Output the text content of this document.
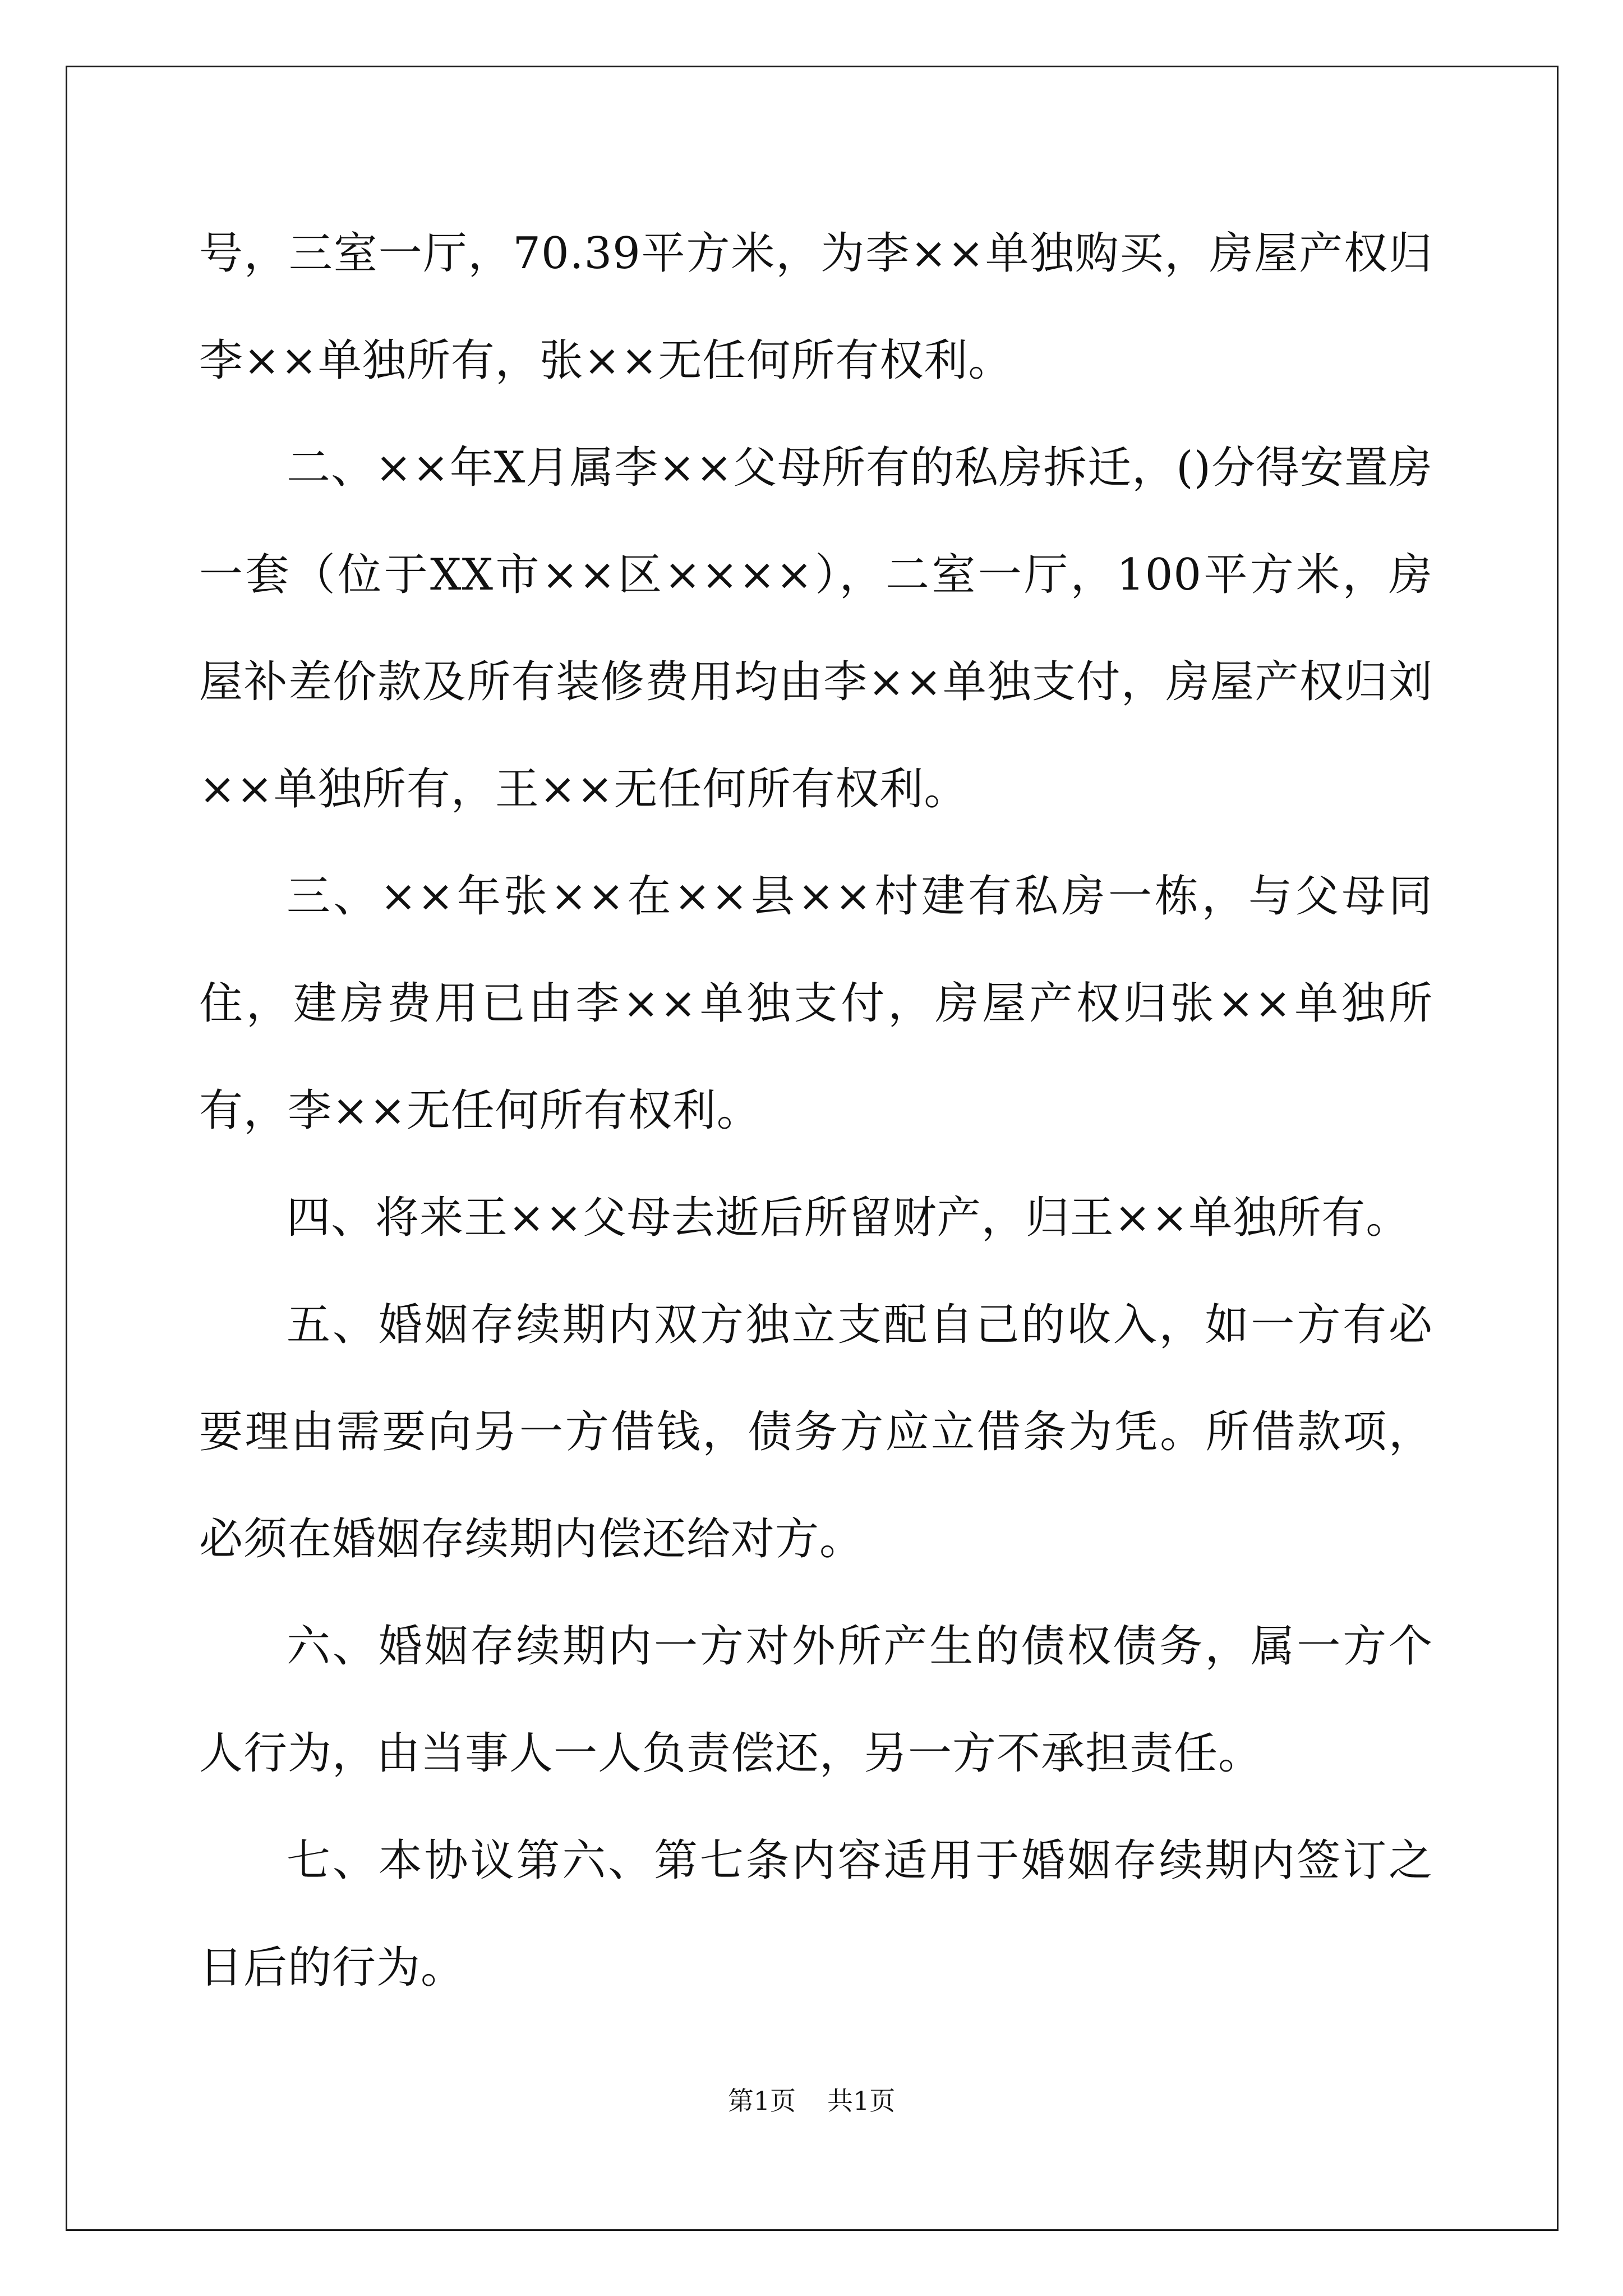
号，三室一厅，70.39平方米，为李××单独购买，房屋产权归李××单独所有，张××无任何所有权利。

二、××年X月属李××父母所有的私房拆迁，()分得安置房一套（位于XX市××区××××），二室一厅，100平方米，房屋补差价款及所有装修费用均由李××单独支付，房屋产权归刘××单独所有，王××无任何所有权利。

三、××年张××在××县××村建有私房一栋，与父母同住，建房费用已由李××单独支付，房屋产权归张××单独所有，李××无任何所有权利。

四、将来王××父母去逝后所留财产，归王××单独所有。

五、婚姻存续期内双方独立支配自己的收入，如一方有必要理由需要向另一方借钱，债务方应立借条为凭。所借款项，必须在婚姻存续期内偿还给对方。

六、婚姻存续期内一方对外所产生的债权债务，属一方个人行为，由当事人一人负责偿还，另一方不承担责任。

七、本协议第六、第七条内容适用于婚姻存续期内签订之日后的行为。

第1页 共1页
